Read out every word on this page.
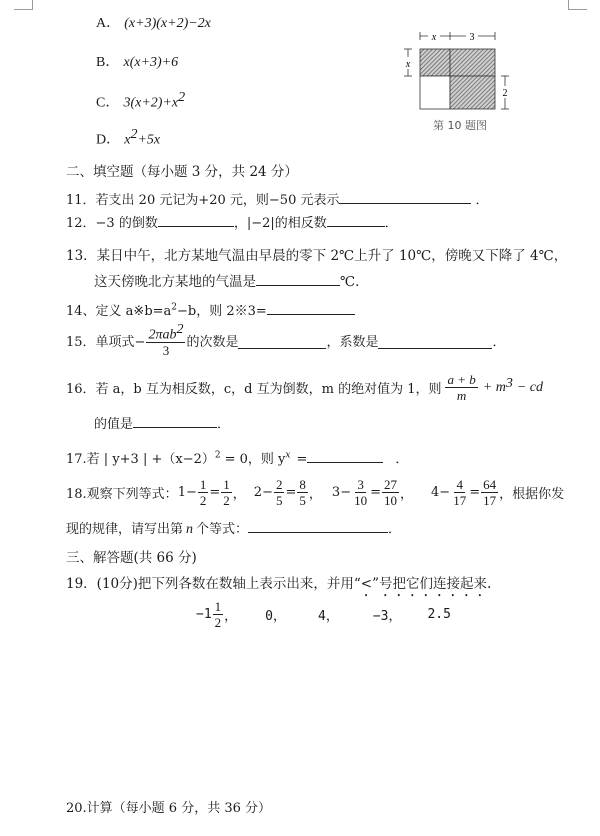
A． (x+3)(x+2)−2x
B． x(x+3)+6
C． $3(x+2)+x^2$
D． $x^2+5x$
x	3
x
2
第 10 题图
二、填空题（每小题 3 分，共 24 分）
11．若支出 20 元记为+20 元，则−50 元表示	．
12．−3 的倒数	，|−2|的相反数	．
13．某日中午，北方某地气温由早晨的零下 2℃上升了 10℃，傍晚又下降了 4℃，
这天傍晚北方某地的气温是	℃．
14、定义 $a※b=a^2-b$，则 2※3=
15．单项式− $\frac{2\pi ab^2}{3}$ 的次数是	，系数是	．
16．若 a，b 互为相反数，c，d 互为倒数，m 的绝对值为 1，则 $\frac{a + b}{m} + m$ 3 − cd
的值是	．
17.若 | y+3 | $+(x-2)^2 = 0$，则 $y^x$ =	．
18.观察下列等式： $1 - \frac{1}{2} = \frac{1}{2}$ ， $2 - \frac{2}{5} = \frac{8}{5}$ ， $3 - \frac{3}{10} = \frac{27}{10}$ ， $4 - \frac{4}{17} = \frac{64}{17}$ ，根据你发
现的规律，请写出第 n 个等式：	．
三、解答题(共 66 分)
19．(10分)把下列各数在数轴上表示出来，并用“<”号把它们连接起来.
$-1 \frac{1}{2}$ ， 0， 4，	−3， 2.5
20.计算（每小题 6 分，共 36 分）
